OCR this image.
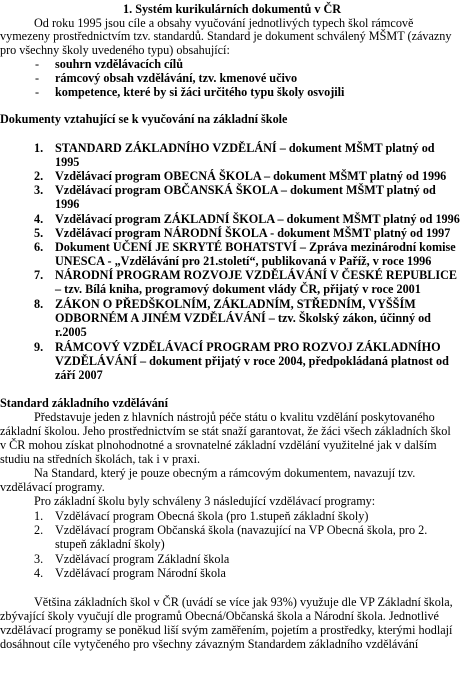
1. Systém kurikulárních dokumentů v ČR
Od roku 1995 jsou cíle a obsahy vyučování jednotlivých typech škol rámcově
vymezeny prostřednictvím tzv. standardů. Standard je dokument schválený MŠMT (závazny
pro všechny školy uvedeného typu) obsahující:
- souhrn vzdělávacích cílů
- rámcový obsah vzdělávání, tzv. kmenové učivo
- kompetence, které by si žáci určitého typu školy osvojili
Dokumenty vztahující se k vyučování na základní škole
1. STANDARD ZÁKLADNÍHO VZDĚLÁNÍ – dokument MŠMT platný od
1995
2. Vzdělávací program OBECNÁ ŠKOLA – dokument MŠMT platný od 1996
3. Vzdělávací program OBČANSKÁ ŠKOLA – dokument MŠMT platný od
1996
4. Vzdělávací program ZÁKLADNÍ ŠKOLA – dokument MŠMT platný od 1996
5. Vzdělávací program NÁRODNÍ ŠKOLA - dokument MŠMT platný od 1997
6. Dokument UČENÍ JE SKRYTÉ BOHATSTVÍ – Zpráva mezinárodní komise
UNESCA - „Vzdělávání pro 21.století“, publikovaná v Paříž, v roce 1996
7. NÁRODNÍ PROGRAM ROZVOJE VZDĚLÁVÁNÍ V ČESKÉ REPUBLICE
– tzv. Bílá kniha, programový dokument vlády ČR, přijatý v roce 2001
8. ZÁKON O PŘEDŠKOLNÍM, ZÁKLADNÍM, STŘEDNÍM, VYŠŠÍM
ODBORNÉM A JINÉM VZDĚLÁVÁNÍ – tzv. Školský zákon, účinný od
r.2005
9. RÁMCOVÝ VZDĚLÁVACÍ PROGRAM PRO ROZVOJ ZÁKLADNÍHO
VZDĚLÁVÁNÍ – dokument přijatý v roce 2004, předpokládaná platnost od
září 2007
Standard základního vzdělávání
Představuje jeden z hlavních nástrojů péče státu o kvalitu vzdělání poskytovaného
základní školou. Jeho prostřednictvím se stát snaží garantovat, že žáci všech základních škol
v ČR mohou získat plnohodnotné a srovnatelné základní vzdělání využitelné jak v dalším
studiu na středních školách, tak i v praxi.
Na Standard, který je pouze obecným a rámcovým dokumentem, navazují tzv.
vzdělávací programy.
Pro základní školu byly schváleny 3 následující vzdělávací programy:
1. Vzdělávací program Obecná škola (pro 1.stupeň základní školy)
2. Vzdělávací program Občanská škola (navazující na VP Obecná škola, pro 2.
stupeň základní školy)
3. Vzdělávací program Základní škola
4. Vzdělávací program Národní škola
Většina základních škol v ČR (uvádí se více jak 93%) využuje dle VP Základní škola,
zbývající školy vyučují dle programů Obecná/Občanská škola a Národní škola. Jednotlivé
vzdělávací programy se poněkud liší svým zaměřením, pojetím a prostředky, kterými hodlají
dosáhnout cíle vytyčeného pro všechny závazným Standardem základního vzdělávání
